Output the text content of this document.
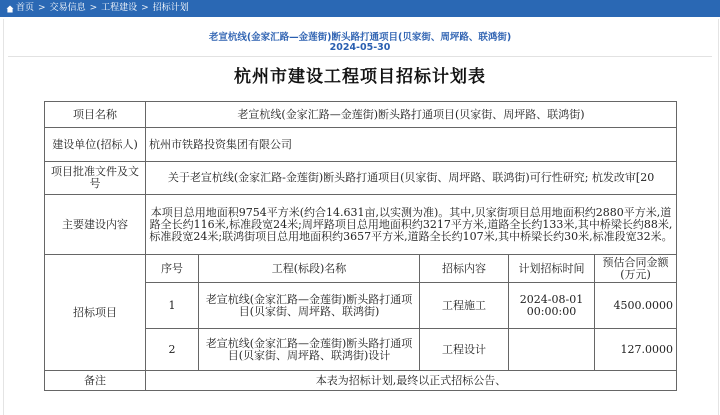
首页 > 交易信息 > 工程建设 > 招标计划
老宣杭线(金家汇路—金莲街)断头路打通项目(贝家街、周坪路、联鸿街)
2024-05-30
杭州市建设工程项目招标计划表
项目名称	老宣杭线(金家汇路—金莲街)断头路打通项目(贝家街、周坪路、联鸿街)				
建设单位(招标人)	杭州市铁路投资集团有限公司				
项目批准文件及文号	关于老宣杭线(金家汇路-金莲街)断头路打通项目(贝家街、周坪路、联鸿街)可行性研究; 杭发改审[20				
主要建设内容	本项目总用地面积9754平方米(约合14.631亩,以实测为准)。其中,贝家街项目总用地面积约2880平方米,道路全长约116米,标准段宽24米;周坪路项目总用地面积约3217平方米,道路全长约133米,其中桥梁长约88米,标准段宽24米;联鸿街项目总用地面积约3657平方米,道路全长约107米,其中桥梁长约30米,标准段宽32米。				
招标项目	序号	工程(标段)名称	招标内容	计划招标时间	预估合同金额(万元)
	1	老宣杭线(金家汇路—金莲街)断头路打通项目(贝家街、周坪路、联鸿街)	工程施工	2024-08-01 00:00:00	4500.0000
	2	老宣杭线(金家汇路—金莲街)断头路打通项目(贝家街、周坪路、联鸿街)设计	工程设计		127.0000
备注	本表为招标计划,最终以正式招标公告、				
